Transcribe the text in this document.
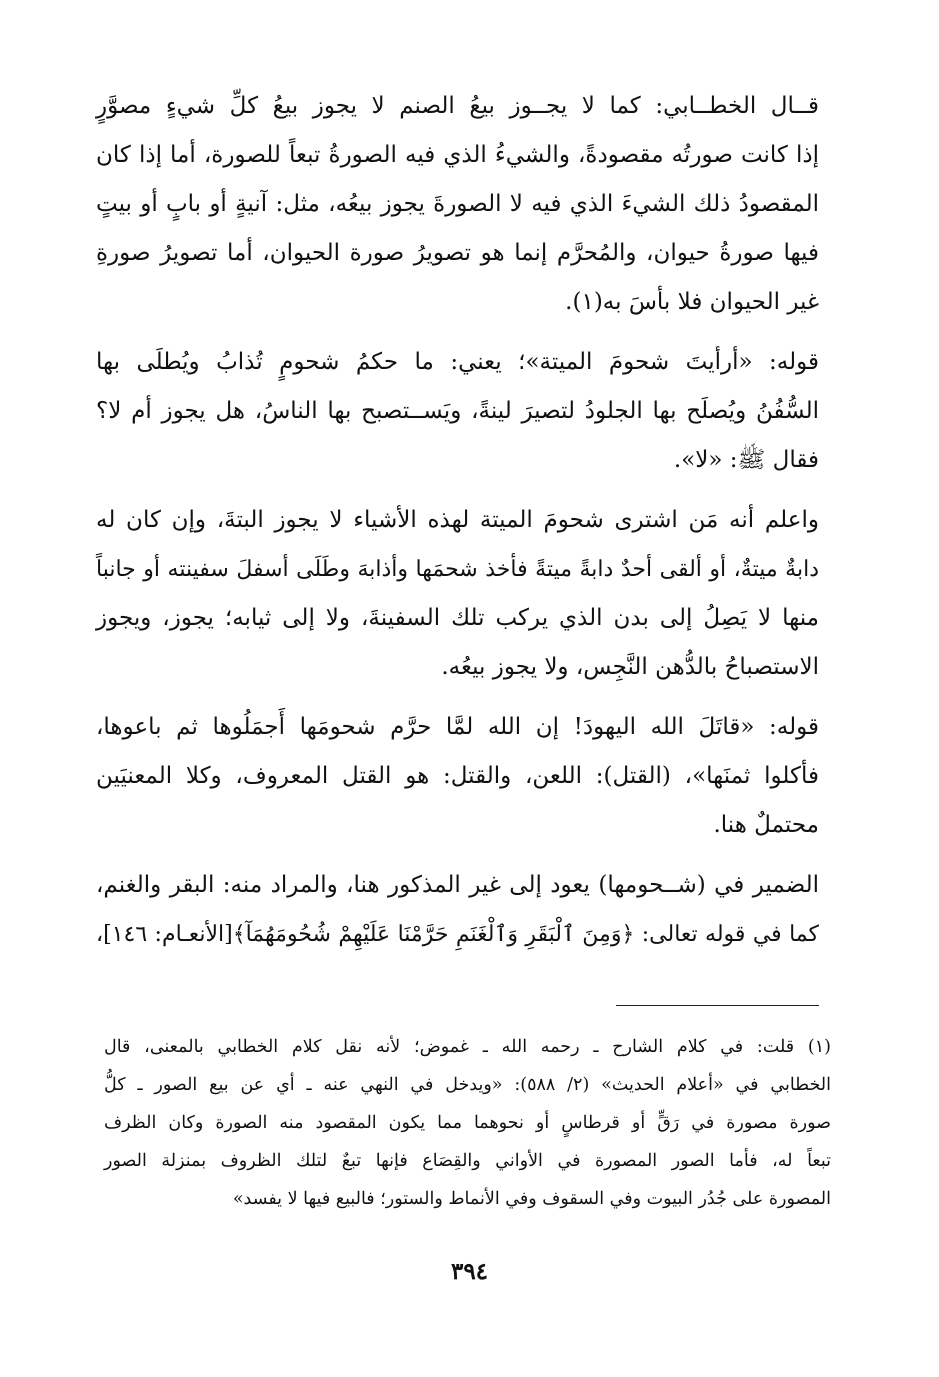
قــال الخطــابي: كما لا يجــوز بيعُ الصنم لا يجوز بيعُ كلِّ شيءٍ مصوَّرٍ
إذا كانت صورتُه مقصودةً، والشيءُ الذي فيه الصورةُ تبعاً للصورة، أما إذا كان
المقصودُ ذلك الشيءَ الذي فيه لا الصورةَ يجوز بيعُه، مثل: آنيةٍ أو بابٍ أو بيتٍ
فيها صورةُ حيوان، والمُحرَّم إنما هو تصويرُ صورة الحيوان، أما تصويرُ صورةِ
غير الحيوان فلا بأسَ به(١).
قوله: «أرأيتَ شحومَ الميتة»؛ يعني: ما حكمُ شحومٍ تُذابُ ويُطلَى بها
السُّفُنُ ويُصلَح بها الجلودُ لتصيرَ لينةً، ويَســتصبح بها الناسُ، هل يجوز أم لا؟
فقال ﷺ: «لا».
واعلم أنه مَن اشترى شحومَ الميتة لهذه الأشياء لا يجوز البتةَ، وإن كان له
دابةٌ ميتةٌ، أو ألقى أحدٌ دابةً ميتةً فأخذ شحمَها وأذابهَ وطَلَى أسفلَ سفينته أو جانباً
منها لا يَصِلُ إلى بدن الذي يركب تلك السفينةَ، ولا إلى ثيابه؛ يجوز، ويجوز
الاستصباحُ بالدُّهن النَّجِس، ولا يجوز بيعُه.
قوله: «قاتَلَ الله اليهودَ! إن الله لمَّا حرَّم شحومَها أَجمَلُوها ثم باعوها،
فأكلوا ثمنَها»، (القتل): اللعن، والقتل: هو القتل المعروف، وكلا المعنيَين
محتملٌ هنا.
الضمير في (شــحومها) يعود إلى غير المذكور هنا، والمراد منه: البقر والغنم،
كما في قوله تعالى: ﴿وَمِنَ ٱلْبَقَرِ وَٱلْغَنَمِ حَرَّمْنَا عَلَيْهِمْ شُحُومَهُمَآ﴾[الأنعـام: ١٤٦]،
(١) قلت: في كلام الشارح ـ رحمه الله ـ غموض؛ لأنه نقل كلام الخطابي بالمعنى، قال
الخطابي في «أعلام الحديث» (٢/ ٥٨٨): «ويدخل في النهي عنه ـ أي عن بيع الصور ـ كلُّ
صورة مصورة في رَقٍّ أو قرطاسٍ أو نحوهما مما يكون المقصود منه الصورة وكان الظرف
تبعاً له، فأما الصور المصورة في الأواني والقِصَاع فإنها تبعٌ لتلك الظروف بمنزلة الصور
المصورة على جُدُر البيوت وفي السقوف وفي الأنماط والستور؛ فالبيع فيها لا يفسد»
٣٩٤
